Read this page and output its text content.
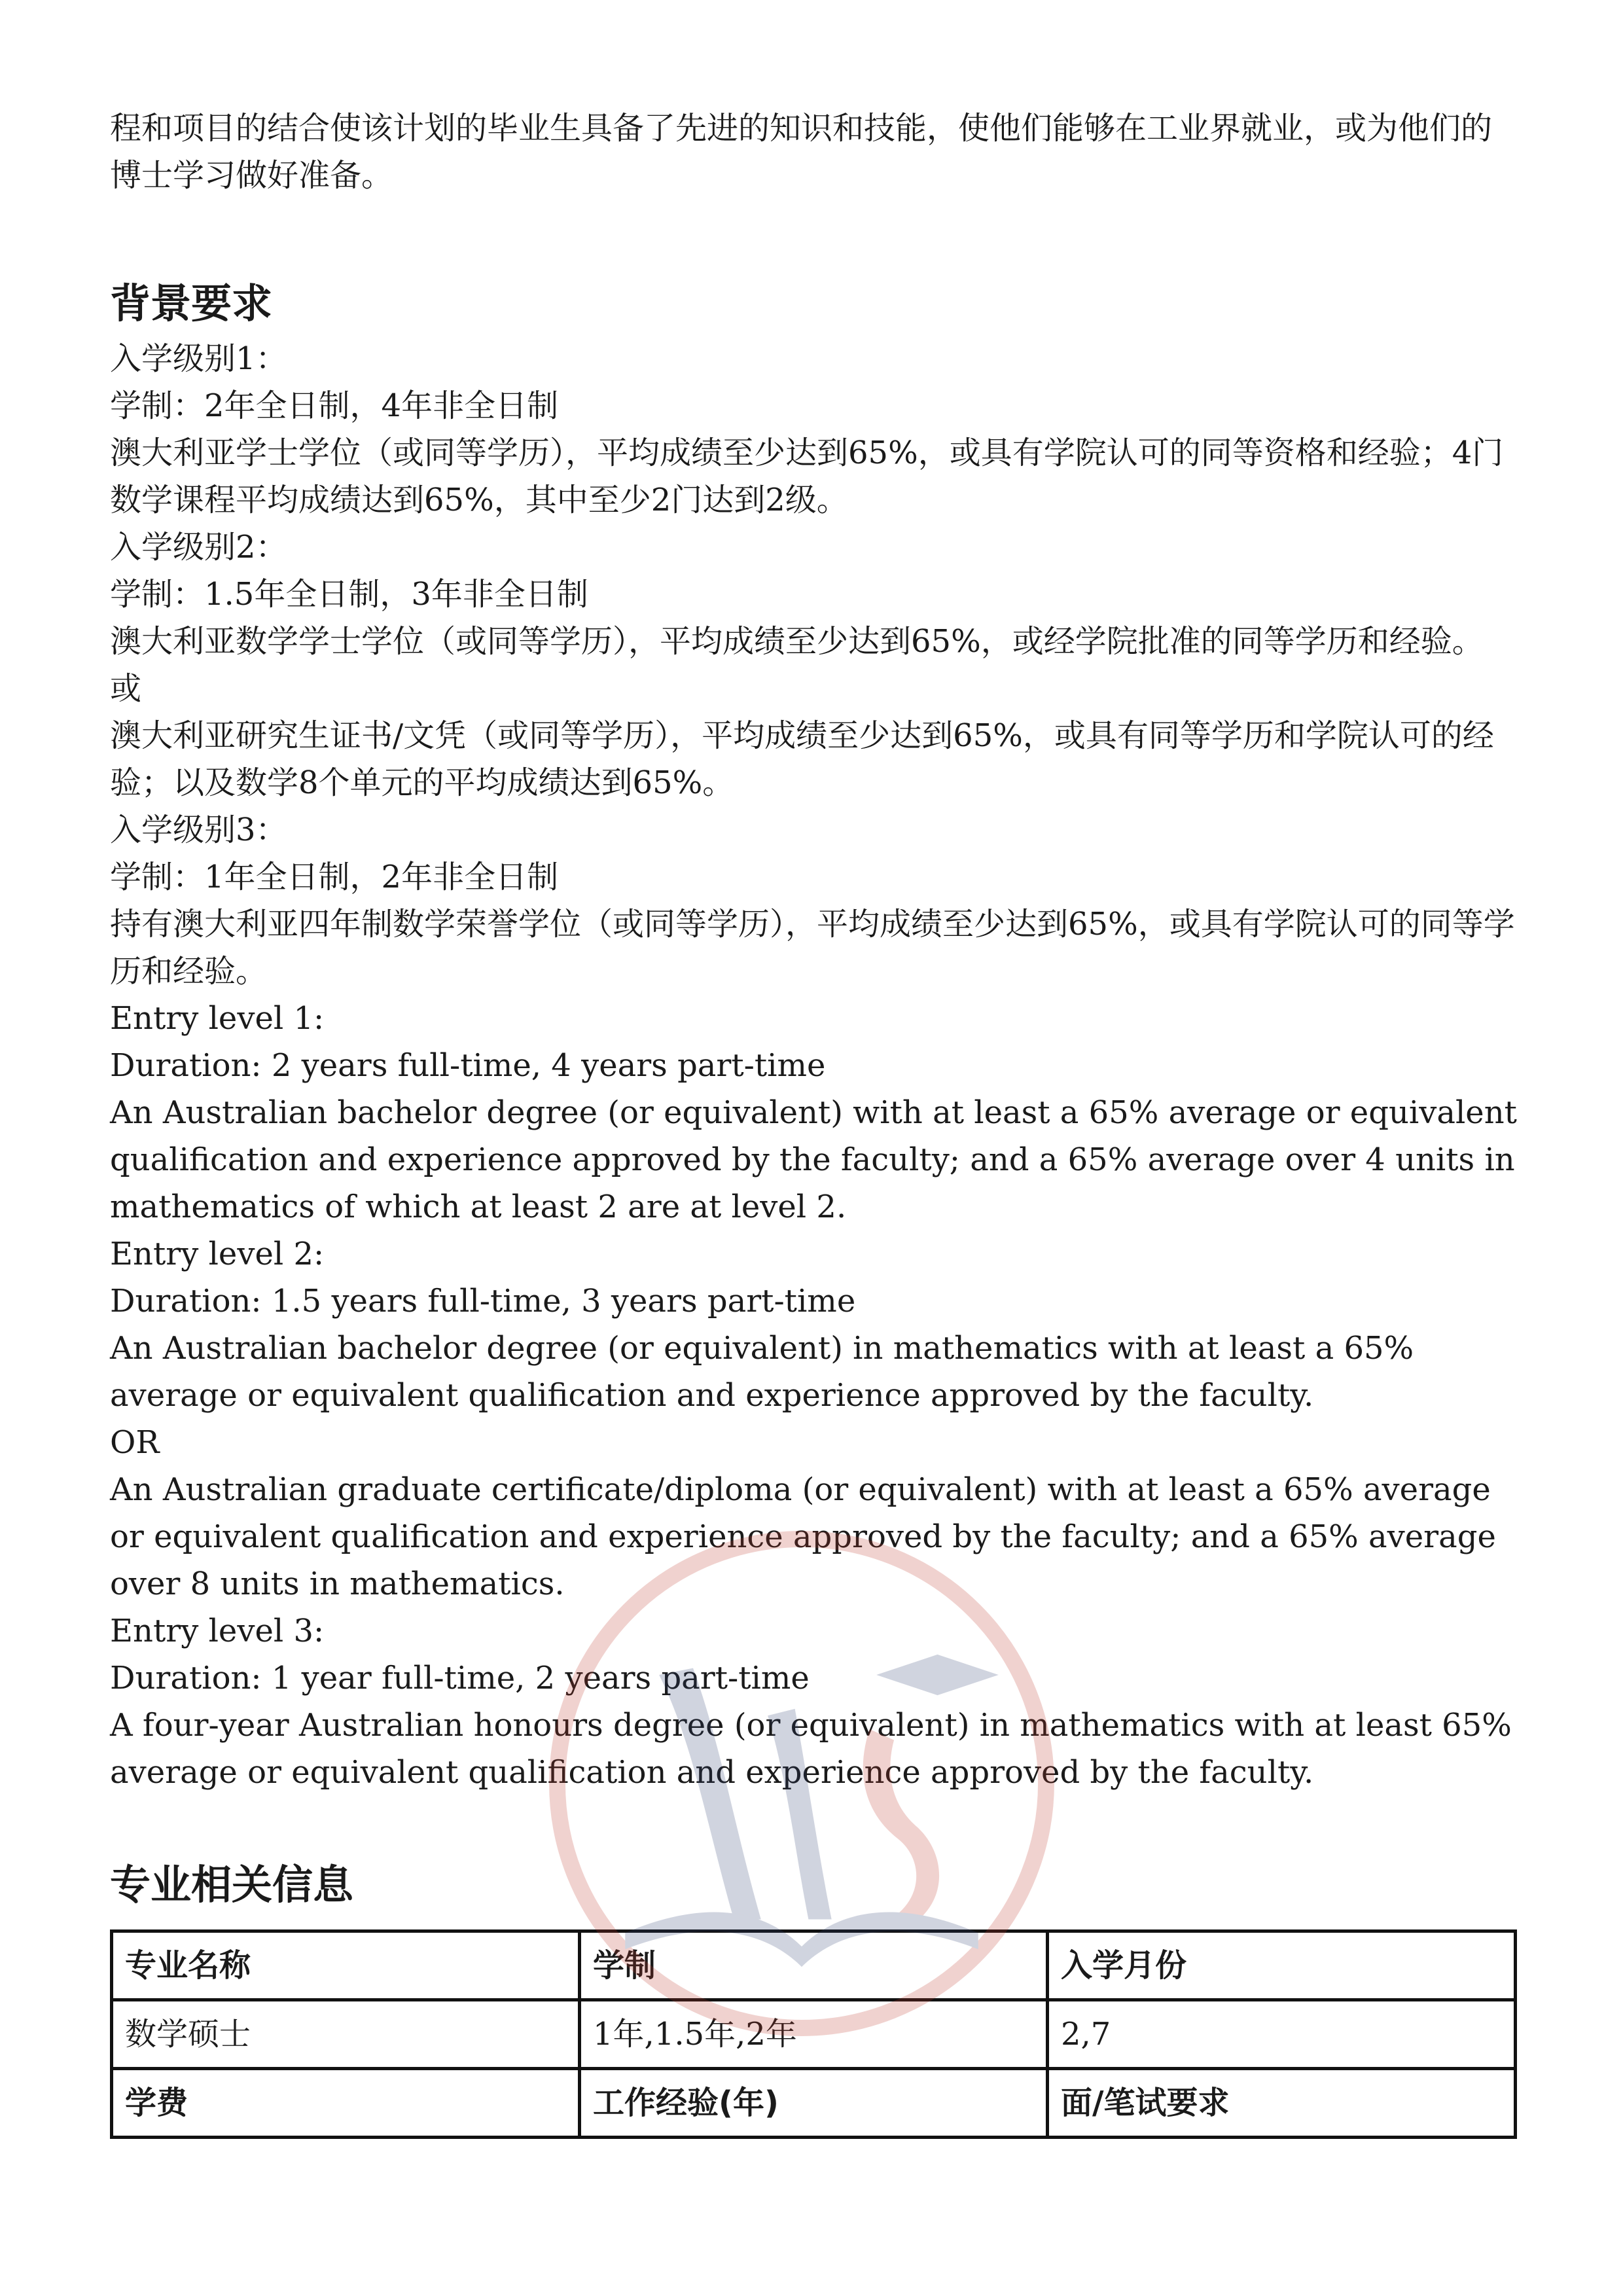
程和项目的结合使该计划的毕业生具备了先进的知识和技能，使他们能够在工业界就业，或为他们的博士学习做好准备。

背景要求

入学级别1：

学制：2年全日制，4年非全日制

澳大利亚学士学位（或同等学历），平均成绩至少达到65%，或具有学院认可的同等资格和经验；4门数学课程平均成绩达到65%，其中至少2门达到2级。

入学级别2：

学制：1.5年全日制，3年非全日制

澳大利亚数学学士学位（或同等学历），平均成绩至少达到65%，或经学院批准的同等学历和经验。

或

澳大利亚研究生证书/文凭（或同等学历），平均成绩至少达到65%，或具有同等学历和学院认可的经验；以及数学8个单元的平均成绩达到65%。

入学级别3：

学制：1年全日制，2年非全日制

持有澳大利亚四年制数学荣誉学位（或同等学历），平均成绩至少达到65%，或具有学院认可的同等学历和经验。

Entry level 1:

Duration: 2 years full-time, 4 years part-time

An Australian bachelor degree (or equivalent) with at least a 65% average or equivalent qualification and experience approved by the faculty; and a 65% average over 4 units in mathematics of which at least 2 are at level 2.

Entry level 2:

Duration: 1.5 years full-time, 3 years part-time

An Australian bachelor degree (or equivalent) in mathematics with at least a 65% average or equivalent qualification and experience approved by the faculty.

OR

An Australian graduate certificate/diploma (or equivalent) with at least a 65% average or equivalent qualification and experience approved by the faculty; and a 65% average over 8 units in mathematics.

Entry level 3:

Duration: 1 year full-time, 2 years part-time

A four-year Australian honours degree (or equivalent) in mathematics with at least 65% average or equivalent qualification and experience approved by the faculty.

专业相关信息
专业名称	学制	入学月份
数学硕士	1年,1.5年,2年	2,7
学费	工作经验(年)	面/笔试要求
